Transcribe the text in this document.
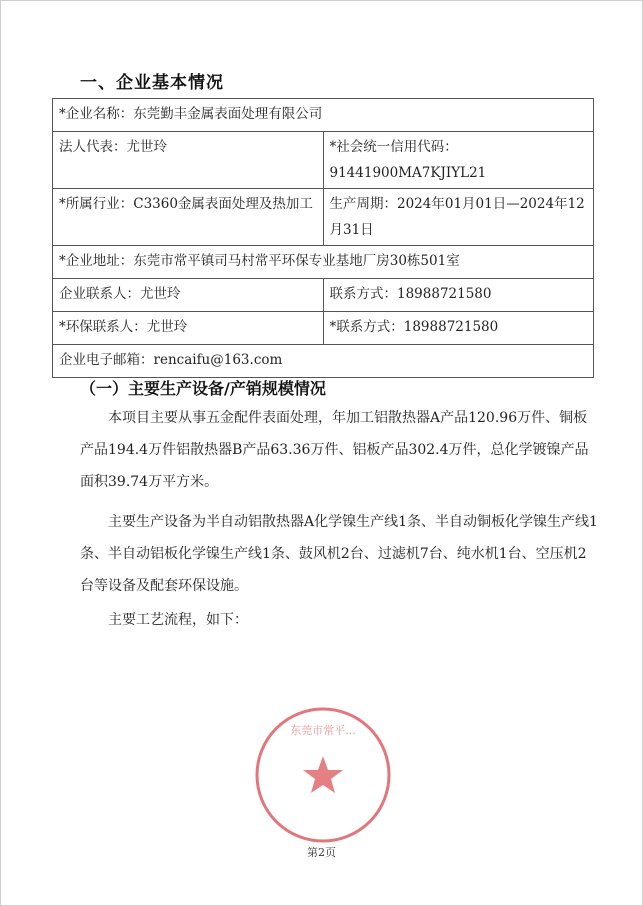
一、企业基本情况
*企业名称：东莞勤丰金属表面处理有限公司	
法人代表：尤世玲	*社会统一信用代码：91441900MA7KJIYL21
*所属行业：C3360金属表面处理及热加工	生产周期：2024年01月01日—2024年12月31日
*企业地址：东莞市常平镇司马村常平环保专业基地厂房30栋501室	
企业联系人：尤世玲	联系方式：18988721580
*环保联系人：尤世玲	*联系方式：18988721580
企业电子邮箱：rencaifu@163.com	
（一）主要生产设备/产销规模情况
本项目主要从事五金配件表面处理，年加工铝散热器A产品120.96万件、铜板产品194.4万件铝散热器B产品63.36万件、铝板产品302.4万件，总化学镀镍产品面积39.74万平方米。
主要生产设备为半自动铝散热器A化学镍生产线1条、半自动铜板化学镍生产线1条、半自动铝板化学镍生产线1条、鼓风机2台、过滤机7台、纯水机1台、空压机2台等设备及配套环保设施。
主要工艺流程，如下：
东莞市常平...
第2页
